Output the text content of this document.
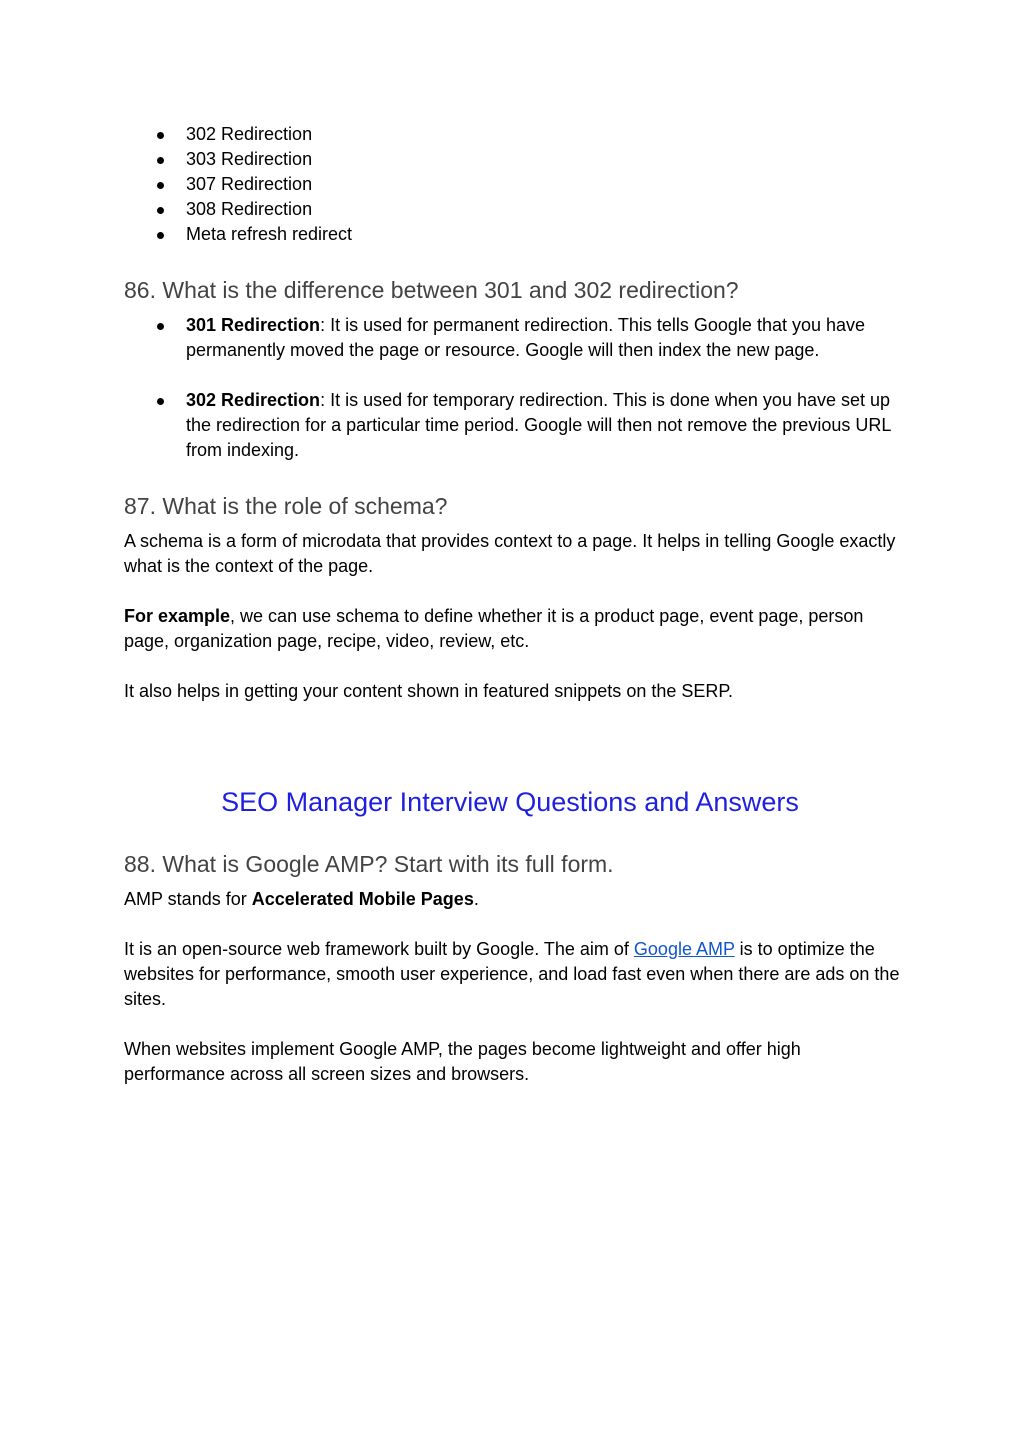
302 Redirection
303 Redirection
307 Redirection
308 Redirection
Meta refresh redirect
86. What is the difference between 301 and 302 redirection?
301 Redirection: It is used for permanent redirection. This tells Google that you have permanently moved the page or resource. Google will then index the new page.
302 Redirection: It is used for temporary redirection. This is done when you have set up the redirection for a particular time period. Google will then not remove the previous URL from indexing.
87. What is the role of schema?
A schema is a form of microdata that provides context to a page. It helps in telling Google exactly what is the context of the page.
For example, we can use schema to define whether it is a product page, event page, person page, organization page, recipe, video, review, etc.
It also helps in getting your content shown in featured snippets on the SERP.
SEO Manager Interview Questions and Answers
88. What is Google AMP? Start with its full form.
AMP stands for Accelerated Mobile Pages.
It is an open-source web framework built by Google. The aim of Google AMP is to optimize the websites for performance, smooth user experience, and load fast even when there are ads on the sites.
When websites implement Google AMP, the pages become lightweight and offer high performance across all screen sizes and browsers.
